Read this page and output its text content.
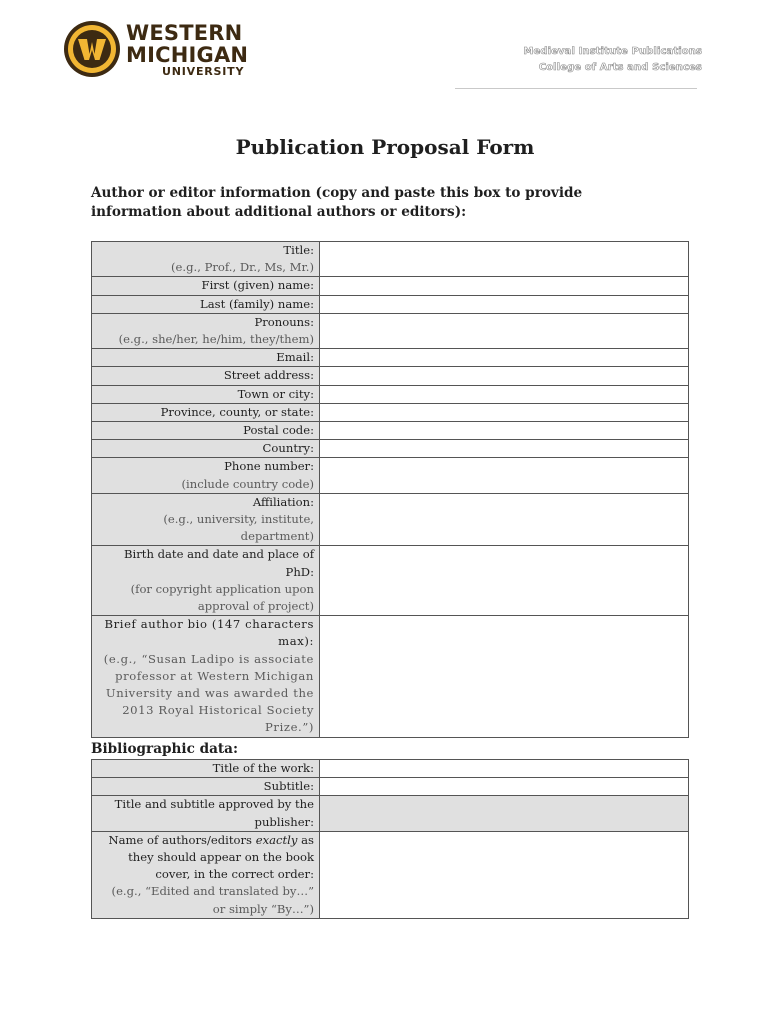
WESTERN
MICHIGAN
UNIVERSITY
Medieval Institute Publications
College of Arts and Sciences
Publication Proposal Form
Author or editor information (copy and paste this box to provide information about additional authors or editors):
Title:
(e.g., Prof., Dr., Ms, Mr.)	

First (given) name:	

Last (family) name:	

Pronouns:
(e.g., she/her, he/him, they/them)	

Email:	

Street address:	

Town or city:	

Province, county, or state:	

Postal code:	

Country:	

Phone number:
(include country code)	

Affiliation:
(e.g., university, institute, department)	

Birth date and date and place of PhD:
(for copyright application upon approval of project)	

Brief author bio (147 characters max):
(e.g., “Susan Ladipo is associate professor at Western Michigan University and was awarded the 2013 Royal Historical Society Prize.”)	

Bibliographic data:
Title of the work:	

Subtitle:	

Title and subtitle approved by the publisher:	

Name of authors/editors exactly as they should appear on the book cover, in the correct order:
(e.g., “Edited and translated by…” or simply “By…”)	
